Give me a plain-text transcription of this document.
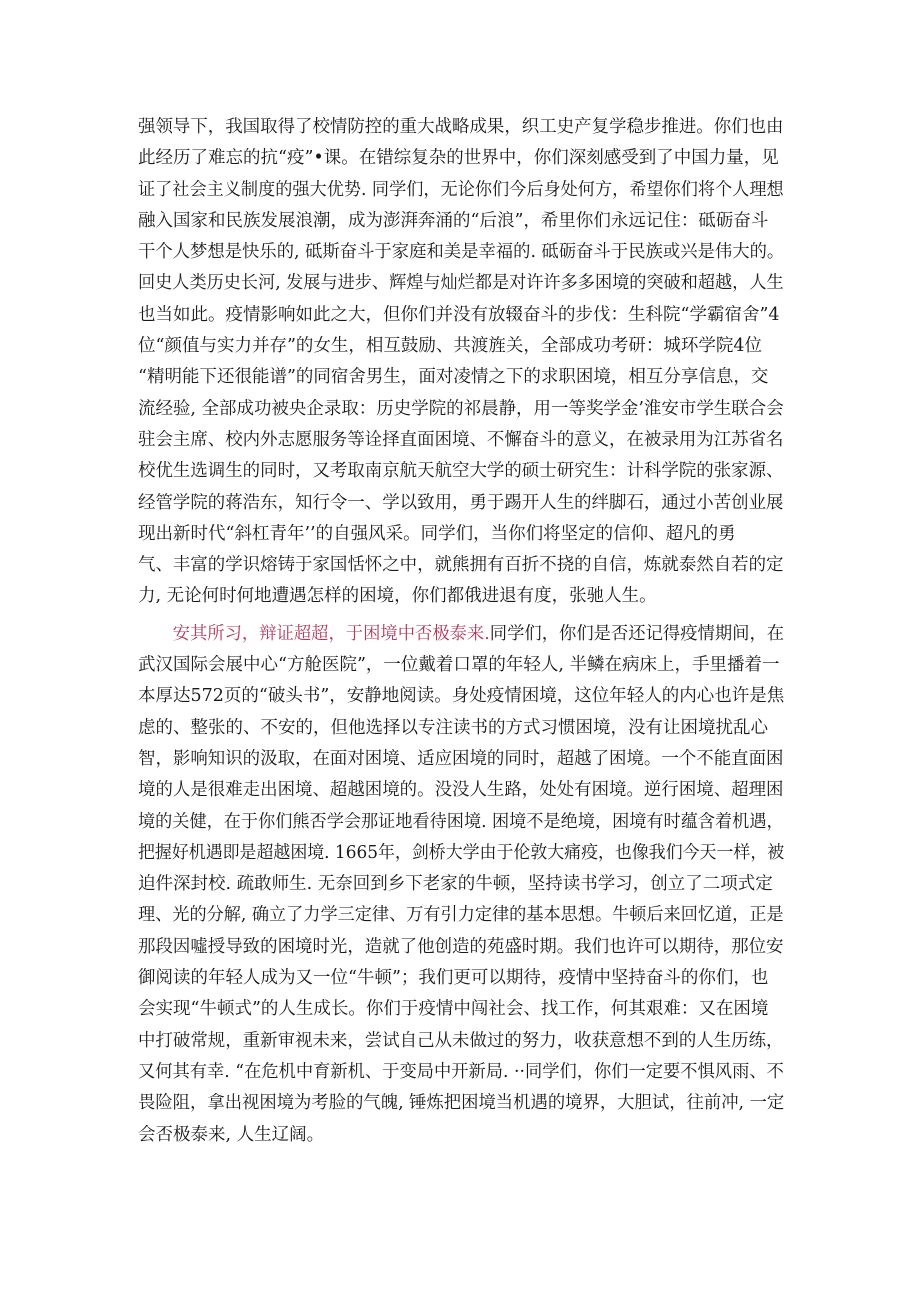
强领导下，我国取得了校情防控的重大战略成果，织工史产复学稳步推进。你们也由
此经历了难忘的抗“疫”•课。在错综复杂的世界中，你们深刻感受到了中国力量，见
证了社会主义制度的强大优势. 同学们，无论你们今后身处何方，希望你们将个人理想
融入国家和民族发展浪潮，成为澎湃奔涌的“后浪”，希里你们永远记住：砥砺奋斗
干个人梦想是快乐的, 砥斯奋斗于家庭和美是幸福的. 砥砺奋斗于民族或兴是伟大的。
回史人类历史长河, 发展与进步、辉煌与灿烂都是对许许多多困境的突破和超越，人生
也当如此。疫情影响如此之大，但你们并没有放辍奋斗的步伐：生科院“学霸宿舍”4
位“颜值与实力并存”的女生，相互鼓励、共渡旌关，全部成功考研：城环学院4位
“精明能下还很能谱”的同宿舍男生，面对凌情之下的求职困境，相互分享信息，交
流经验, 全部成功被央企录取：历史学院的祁晨静，用一等奖学金’淮安市学生联合会
驻会主席、校内外志愿服务等诠择直面困境、不懈奋斗的意义，在被录用为江苏省名
校优生选调生的同时，又考取南京航天航空大学的硕士研究生：计科学院的张家源、
经管学院的蒋浩东，知行令一、学以致用，勇于踢开人生的绊脚石，通过小苦创业展
现出新时代“斜杠青年’’的自强风采。同学们，当你们将坚定的信仰、超凡的勇
气、丰富的学识熔铸于家国恬怀之中，就熊拥有百折不挠的自信，炼就泰然自若的定
力, 无论何时何地遭遇怎样的困境，你们都俄进退有度，张驰人生。
安其所习，辩证超超，于困境中否极泰来.同学们，你们是否还记得疫情期间，在
武汉国际会展中心“方舱医院”，一位戴着口罩的年轻人, 半鳞在病床上，手里播着一
本厚达572页的“破头书”，安静地阅读。身处疫情困境，这位年轻人的内心也许是焦
虑的、整张的、不安的，但他选择以专注读书的方式习惯困境，没有让困境扰乱心
智，影响知识的汲取，在面对困境、适应困境的同时，超越了困境。一个不能直面困
境的人是很难走出困境、超越困境的。没没人生路，处处有困境。逆行困境、超理困
境的关健，在于你们熊否学会那证地看待困境. 困境不是绝境，困境有时蕴含着机遇，
把握好机遇即是超越困境. 1665年，剑桥大学由于伦敦大痛疫，也像我们今天一样，被
迫件深封校. 疏敢师生. 无奈回到乡下老家的牛顿，坚持读书学习，创立了二项式定
理、光的分解, 确立了力学三定律、万有引力定律的基本思想。牛顿后来回忆道，正是
那段因噓授导致的困境时光，造就了他创造的苑盛时期。我们也许可以期待，那位安
御阅读的年轻人成为又一位“牛顿”；我们更可以期待，疫情中坚持奋斗的你们，也
会实现“牛顿式”的人生成长。你们于疫情中闯社会、找工作，何其艰难：又在困境
中打破常规，重新审视未来，尝试自己从未做过的努力，收获意想不到的人生历练，
又何其有幸. “在危机中育新机、于变局中开新局. ··同学们，你们一定要不惧风雨、不
畏险阻，拿出视困境为考脸的气魄, 锤炼把困境当机遇的境界，大胆试，往前冲, 一定
会否极泰来, 人生辽阔。
